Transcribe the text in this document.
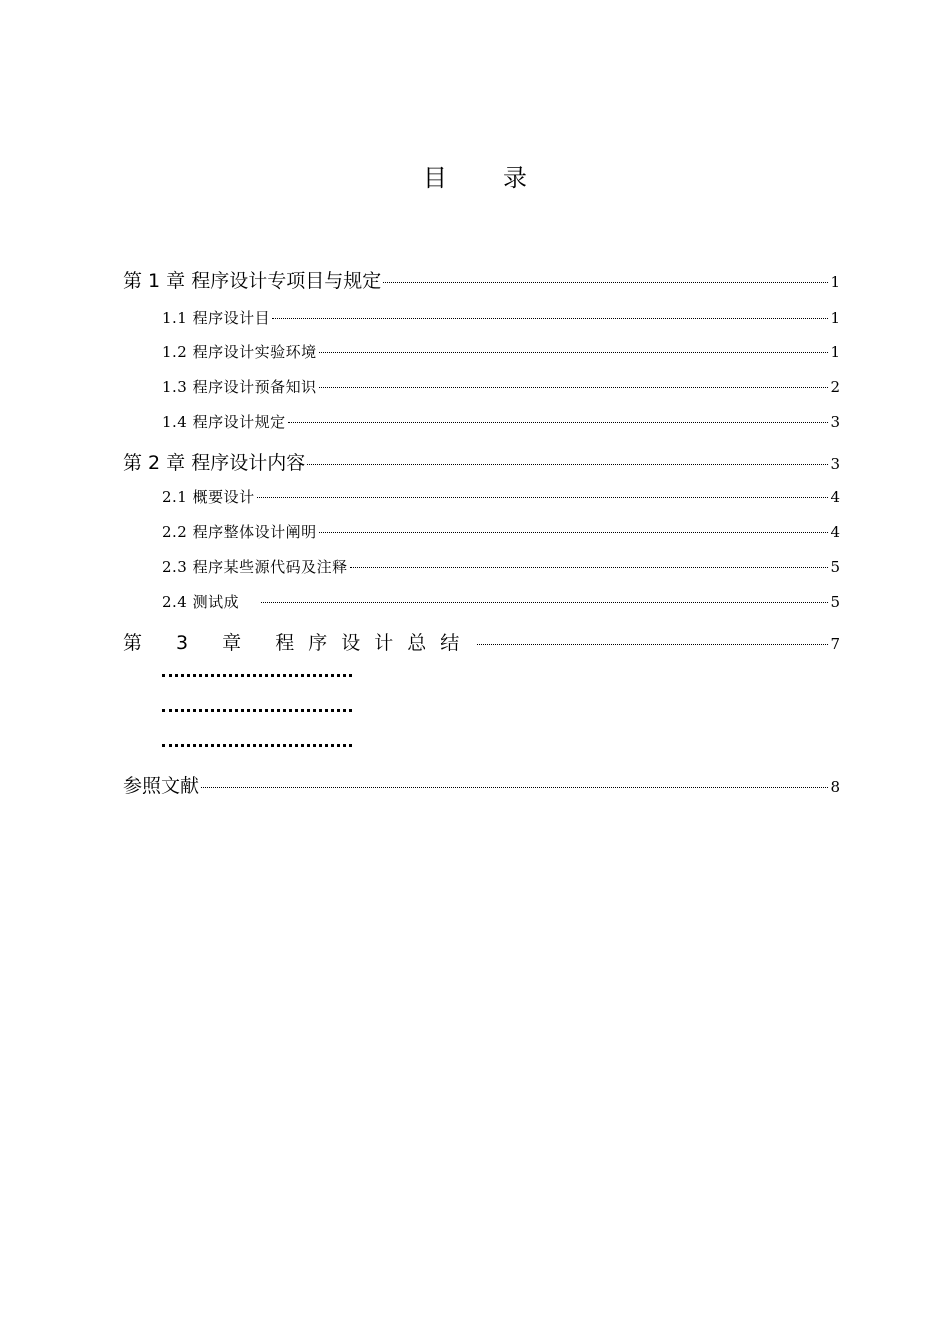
目 录
第 1 章 程序设计专项目与规定	1
1.1 程序设计目	1
1.2 程序设计实验环境	1
1.3 程序设计预备知识	2
1.4 程序设计规定	3
第 2 章 程序设计内容	3
2.1 概要设计	4
2.2 程序整体设计阐明	4
2.3 程序某些源代码及注释	5
2.4 测试成	5
第 3 章 程序设计总结	7
参照文献	8
